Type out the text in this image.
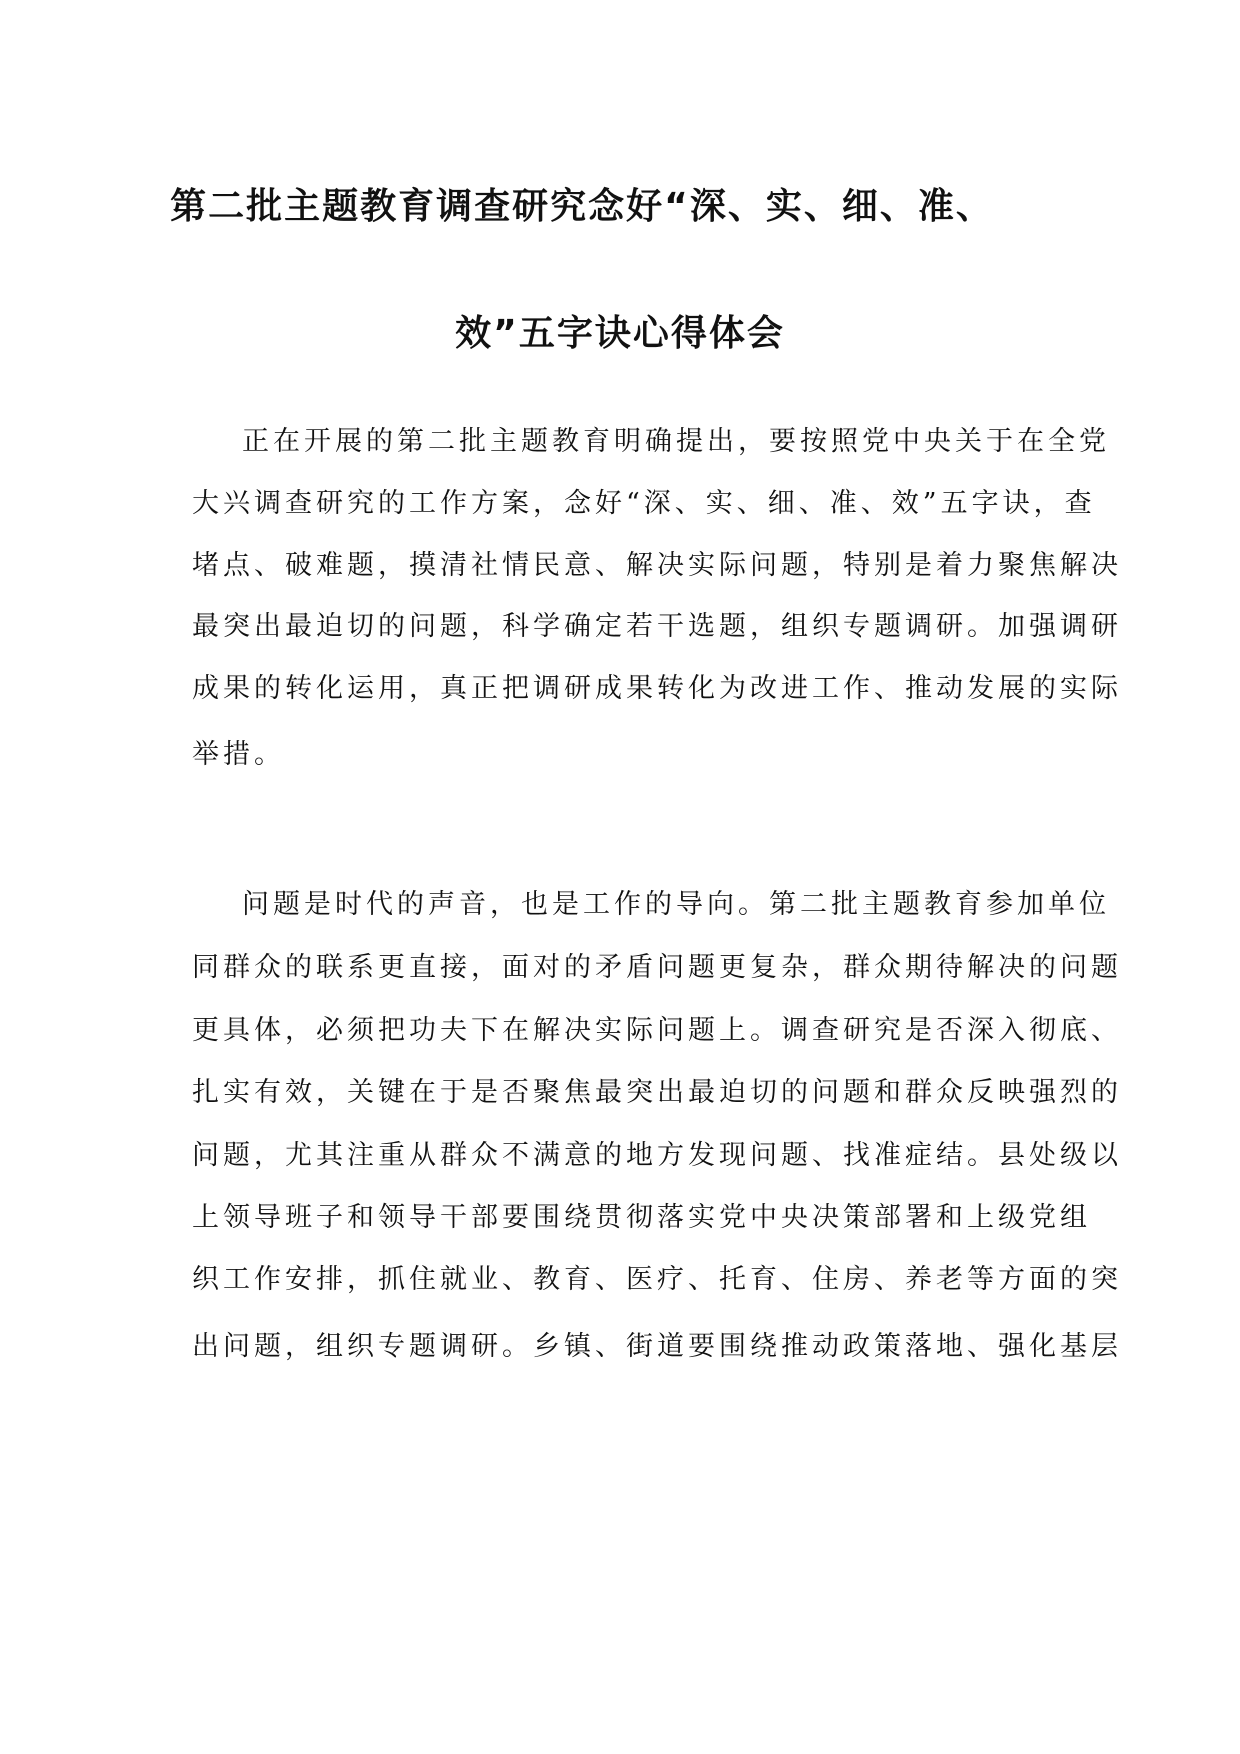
第二批主题教育调查研究念好“深、实、细、准、
效”五字诀心得体会
正在开展的第二批主题教育明确提出，要按照党中央关于在全党
大兴调查研究的工作方案，念好“深、实、细、准、效”五字诀，查
堵点、破难题，摸清社情民意、解决实际问题，特别是着力聚焦解决
最突出最迫切的问题，科学确定若干选题，组织专题调研。加强调研
成果的转化运用，真正把调研成果转化为改进工作、推动发展的实际
举措。
问题是时代的声音，也是工作的导向。第二批主题教育参加单位
同群众的联系更直接，面对的矛盾问题更复杂，群众期待解决的问题
更具体，必须把功夫下在解决实际问题上。调查研究是否深入彻底、
扎实有效，关键在于是否聚焦最突出最迫切的问题和群众反映强烈的
问题，尤其注重从群众不满意的地方发现问题、找准症结。县处级以
上领导班子和领导干部要围绕贯彻落实党中央决策部署和上级党组
织工作安排，抓住就业、教育、医疗、托育、住房、养老等方面的突
出问题，组织专题调研。乡镇、街道要围绕推动政策落地、强化基层
